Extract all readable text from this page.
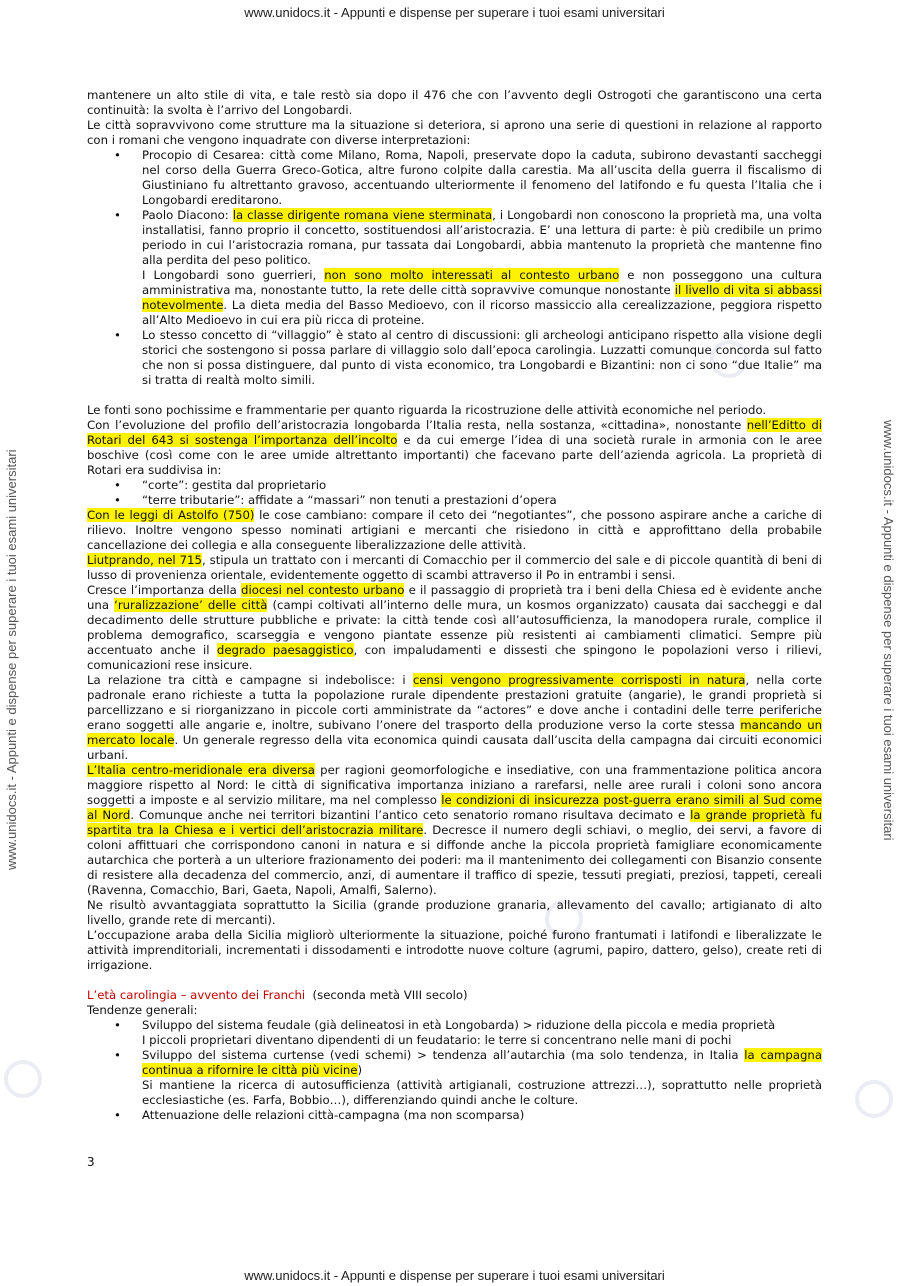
www.unidocs.it - Appunti e dispense per superare i tuoi esami universitari
www.unidocs.it - Appunti e dispense per superare i tuoi esami universitari
www.unidocs.it - Appunti e dispense per superare i tuoi esami universitari	www.unidocs.it - Appunti e dispense per superare i tuoi esami universitari

mantenere un alto stile di vita, e tale restò sia dopo il 476 che con l’avvento degli Ostrogoti che garantiscono una certa continuità: la svolta è l’arrivo del Longobardi.

Le città sopravvivono come strutture ma la situazione si deteriora, si aprono una serie di questioni in relazione al rapporto con i romani che vengono inquadrate con diverse interpretazioni:

• Procopio di Cesarea: città come Milano, Roma, Napoli, preservate dopo la caduta, subirono devastanti saccheggi nel corso della Guerra Greco-Gotica, altre furono colpite dalla carestia. Ma all’uscita della guerra il fiscalismo di Giustiniano fu altrettanto gravoso, accentuando ulteriormente il fenomeno del latifondo e fu questa l’Italia che i Longobardi ereditarono.
• Paolo Diacono: la classe dirigente romana viene sterminata, i Longobardi non conoscono la proprietà ma, una volta installatisi, fanno proprio il concetto, sostituendosi all’aristocrazia. E’ una lettura di parte: è più credibile un primo periodo in cui l’aristocrazia romana, pur tassata dai Longobardi, abbia mantenuto la proprietà che mantenne fino alla perdita del peso politico.
I Longobardi sono guerrieri, non sono molto interessati al contesto urbano e non posseggono una cultura amministrativa ma, nonostante tutto, la rete delle città sopravvive comunque nonostante il livello di vita si abbassi notevolmente. La dieta media del Basso Medioevo, con il ricorso massiccio alla cerealizzazione, peggiora rispetto all’Alto Medioevo in cui era più ricca di proteine.
• Lo stesso concetto di “villaggio” è stato al centro di discussioni: gli archeologi anticipano rispetto alla visione degli storici che sostengono si possa parlare di villaggio solo dall’epoca carolingia. Luzzatti comunque concorda sul fatto che non si possa distinguere, dal punto di vista economico, tra Longobardi e Bizantini: non ci sono “due Italie” ma si tratta di realtà molto simili.

Le fonti sono pochissime e frammentarie per quanto riguarda la ricostruzione delle attività economiche nel periodo.

Con l’evoluzione del profilo dell’aristocrazia longobarda l’Italia resta, nella sostanza, «cittadina», nonostante nell’Editto di Rotari del 643 si sostenga l’importanza dell’incolto e da cui emerge l’idea di una società rurale in armonia con le aree boschive (così come con le aree umide altrettanto importanti) che facevano parte dell’azienda agricola. La proprietà di Rotari era suddivisa in:

• “corte”: gestita dal proprietario
• “terre tributarie”: affidate a “massari” non tenuti a prestazioni d’opera

Con le leggi di Astolfo (750) le cose cambiano: compare il ceto dei “negotiantes”, che possono aspirare anche a cariche di rilievo. Inoltre vengono spesso nominati artigiani e mercanti che risiedono in città e approfittano della probabile cancellazione dei collegia e alla conseguente liberalizzazione delle attività.

Liutprando, nel 715, stipula un trattato con i mercanti di Comacchio per il commercio del sale e di piccole quantità di beni di lusso di provenienza orientale, evidentemente oggetto di scambi attraverso il Po in entrambi i sensi.

Cresce l’importanza della diocesi nel contesto urbano e il passaggio di proprietà tra i beni della Chiesa ed è evidente anche una ‘ruralizzazione’ delle città (campi coltivati all’interno delle mura, un kosmos organizzato) causata dai saccheggi e dal decadimento delle strutture pubbliche e private: la città tende così all’autosufficienza, la manodopera rurale, complice il problema demografico, scarseggia e vengono piantate essenze più resistenti ai cambiamenti climatici. Sempre più accentuato anche il degrado paesaggistico, con impaludamenti e dissesti che spingono le popolazioni verso i rilievi, comunicazioni rese insicure.

La relazione tra città e campagne si indebolisce: i censi vengono progressivamente corrisposti in natura, nella corte padronale erano richieste a tutta la popolazione rurale dipendente prestazioni gratuite (angarie), le grandi proprietà si parcellizzano e si riorganizzano in piccole corti amministrate da “actores” e dove anche i contadini delle terre periferiche erano soggetti alle angarie e, inoltre, subivano l’onere del trasporto della produzione verso la corte stessa mancando un mercato locale. Un generale regresso della vita economica quindi causata dall’uscita della campagna dai circuiti economici urbani.

L’Italia centro-meridionale era diversa per ragioni geomorfologiche e insediative, con una frammentazione politica ancora maggiore rispetto al Nord: le città di significativa importanza iniziano a rarefarsi, nelle aree rurali i coloni sono ancora soggetti a imposte e al servizio militare, ma nel complesso le condizioni di insicurezza post-guerra erano simili al Sud come al Nord. Comunque anche nei territori bizantini l’antico ceto senatorio romano risultava decimato e la grande proprietà fu spartita tra la Chiesa e i vertici dell’aristocrazia militare. Decresce il numero degli schiavi, o meglio, dei servi, a favore di coloni affittuari che corrispondono canoni in natura e si diffonde anche la piccola proprietà famigliare economicamente autarchica che porterà a un ulteriore frazionamento dei poderi: ma il mantenimento dei collegamenti con Bisanzio consente di resistere alla decadenza del commercio, anzi, di aumentare il traffico di spezie, tessuti pregiati, preziosi, tappeti, cereali (Ravenna, Comacchio, Bari, Gaeta, Napoli, Amalfi, Salerno).

Ne risultò avvantaggiata soprattutto la Sicilia (grande produzione granaria, allevamento del cavallo; artigianato di alto livello, grande rete di mercanti).

L’occupazione araba della Sicilia migliorò ulteriormente la situazione, poiché furono frantumati i latifondi e liberalizzate le attività imprenditoriali, incrementati i dissodamenti e introdotte nuove colture (agrumi, papiro, dattero, gelso), create reti di irrigazione.

L’età carolingia – avvento dei Franchi (seconda metà VIII secolo)

Tendenze generali:

• Sviluppo del sistema feudale (già delineatosi in età Longobarda) > riduzione della piccola e media proprietà
I piccoli proprietari diventano dipendenti di un feudatario: le terre si concentrano nelle mani di pochi
• Sviluppo del sistema curtense (vedi schemi) > tendenza all’autarchia (ma solo tendenza, in Italia la campagna continua a rifornire le città più vicine)
Si mantiene la ricerca di autosufficienza (attività artigianali, costruzione attrezzi…), soprattutto nelle proprietà ecclesiastiche (es. Farfa, Bobbio…), differenziando quindi anche le colture.
• Attenuazione delle relazioni città-campagna (ma non scomparsa)
3
